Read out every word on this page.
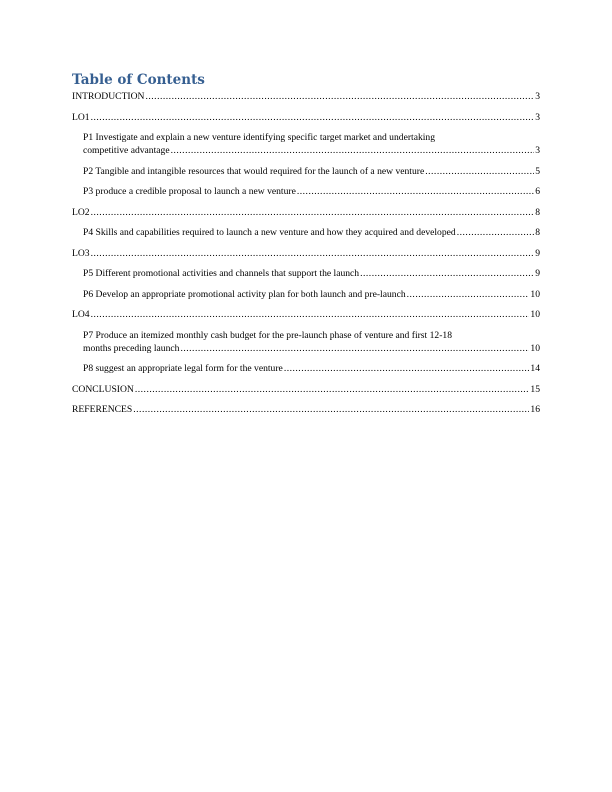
Table of Contents
INTRODUCTION .....	3
LO1 .....	3
P1 Investigate and explain a new venture identifying specific target market and undertaking
competitive advantage .....	3
P2 Tangible and intangible resources that would required for the launch of a new venture .....	5
P3 produce a credible proposal to launch a new venture .....	6
LO2 .....	8
P4 Skills and capabilities required to launch a new venture and how they acquired and developed .....	8
LO3 .....	9
P5 Different promotional activities and channels that support the launch .....	9
P6 Develop an appropriate promotional activity plan for both launch and pre-launch .....	10
LO4 .....	10
P7 Produce an itemized monthly cash budget for the pre-launch phase of venture and first 12-18
months preceding launch .....	10
P8 suggest an appropriate legal form for the venture .....	14
CONCLUSION .....	15
REFERENCES .....	16
